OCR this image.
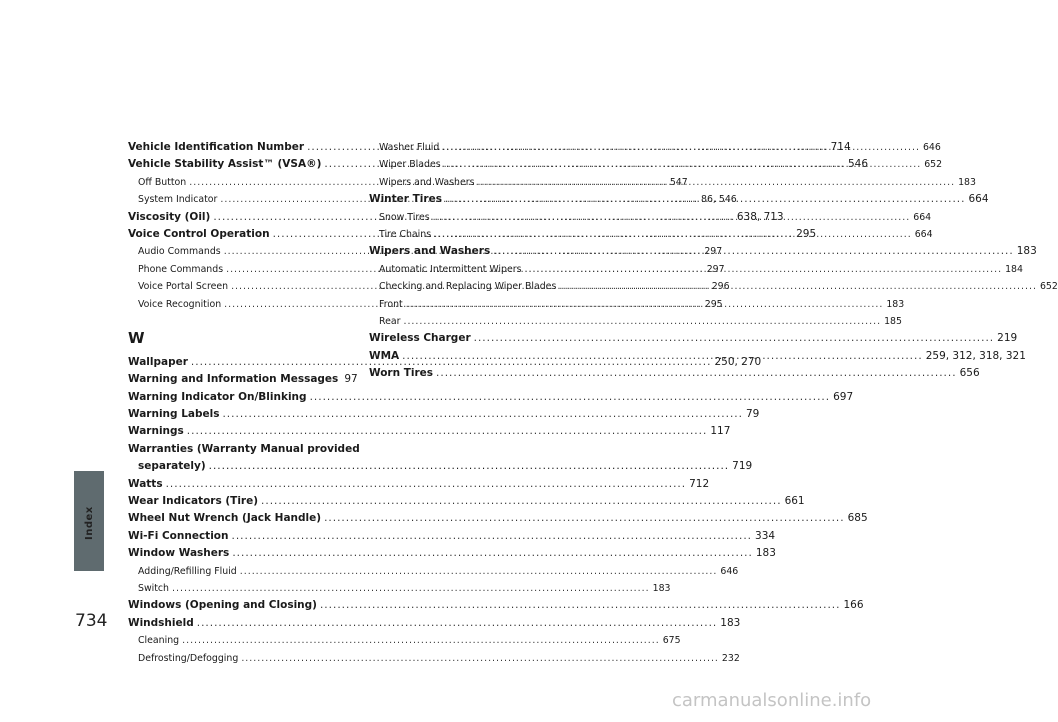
Index
734
Vehicle Identification Number .....	714
Vehicle Stability Assist™ (VSA®) .....	546
Off Button .....	547
System Indicator .....	86, 546
Viscosity (Oil) .....	638, 713
Voice Control Operation .....	295
Audio Commands .....	297
Phone Commands .....	297
Voice Portal Screen .....	296
Voice Recognition .....	295
W
Wallpaper .....	250, 270
Warning and Information Messages 97
Warning Indicator On/Blinking .....	697
Warning Labels .....	79
Warnings .....	117
Warranties (Warranty Manual provided
separately) .....	719
Watts .....	712
Wear Indicators (Tire) .....	661
Wheel Nut Wrench (Jack Handle) .....	685
Wi-Fi Connection .....	334
Window Washers .....	183
Adding/Refilling Fluid .....	646
Switch .....	183
Windows (Opening and Closing) .....	166
Windshield .....	183
Cleaning .....	675
Defrosting/Defogging .....	232
Washer Fluid .....	646
Wiper Blades .....	652
Wipers and Washers .....	183
Winter Tires .....	664
Snow Tires .....	664
Tire Chains .....	664
Wipers and Washers .....	183
Automatic Intermittent Wipers .....	184
Checking and Replacing Wiper Blades .....	652
Front .....	183
Rear .....	185
Wireless Charger .....	219
WMA .....	259, 312, 318, 321
Worn Tires .....	656
carmanualsonline.info
